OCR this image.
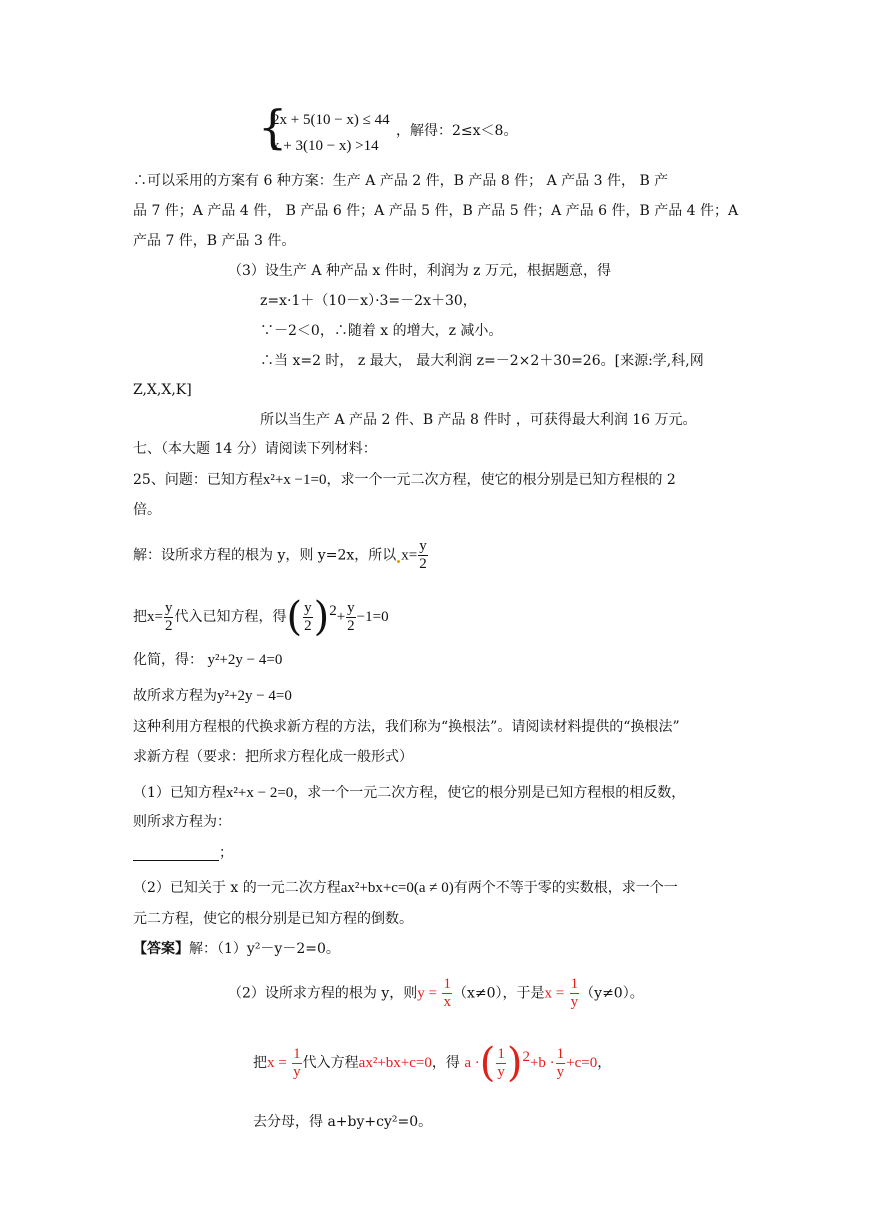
{
2x + 5(10 − x) ≤ 44
x + 3(10 − x) >14
，解得：2≤x＜8。
∴可以采用的方案有 6 种方案：生产 A 产品 2 件，B 产品 8 件； A 产品 3 件， B 产
品 7 件；A 产品 4 件， B 产品 6 件；A 产品 5 件，B 产品 5 件；A 产品 6 件，B 产品 4 件；A
产品 7 件，B 产品 3 件。
（3）设生产 A 种产品 x 件时，利润为 z 万元，根据题意，得
z=x·1＋（10－x）·3=－2x＋30，
∵－2＜0，∴随着 x 的增大，z 减小。
∴当 x=2 时， z 最大， 最大利润 z=－2×2＋30=26。[来源:学,科,网
Z,X,X,K]
所以当生产 A 产品 2 件、B 产品 8 件时 ，可获得最大利润 16 万元。
七、（本大题 14 分）请阅读下列材料：
25、问题：已知方程x²+x −1=0，求一个一元二次方程，使它的根分别是已知方程根的 2
倍。
解：设所求方程的根为 y，则 y=2x，所以 $x= \frac{y}{2}$
把$x= \frac{y}{2}$ 代入已知方程，得( $\frac{y}{2} )^2+ \frac{y}{2} -1=0$
化简，得： y²+2y − 4=0
故所求方程为y²+2y − 4=0
这种利用方程根的代换求新方程的方法，我们称为“换根法”。请阅读材料提供的“换根法”
求新方程（要求：把所求方程化成一般形式）
（1）已知方程x²+x − 2=0，求一个一元二次方程，使它的根分别是已知方程根的相反数，
则所求方程为：
；
（2）已知关于 x 的一元二次方程ax²+bx+c=0(a ≠ 0)有两个不等于零的实数根，求一个一
元二方程，使它的根分别是已知方程的倒数。
【答案】解：（1）y²－y－2=0。
（2）设所求方程的根为 y，则$y = \frac{1}{x} (x\ne 0)$，于是$x = \frac{1}{y} (y\ne 0)$。
把$x = \frac{1}{y}$ 代入方程ax²+bx+c=0，得 a ·( $\frac{1}{y} )^2+b \cdot \frac{1}{y} +c=0$，
去分母，得 a+by+cy²=0。
